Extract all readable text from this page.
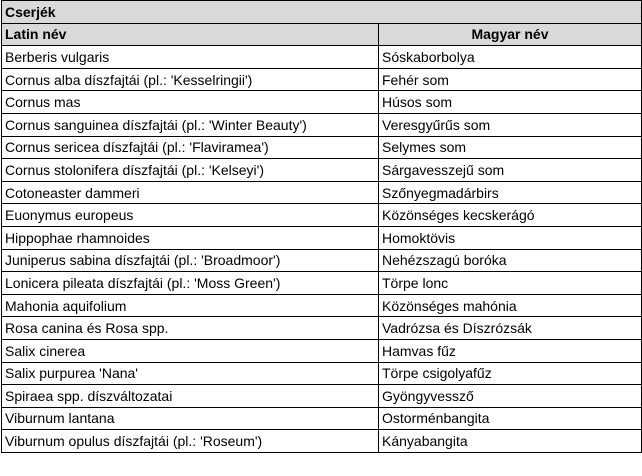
Cserjék	
Latin név	Magyar név
Berberis vulgaris	Sóskaborbolya
Cornus alba díszfajtái (pl.: 'Kesselringii')	Fehér som
Cornus mas	Húsos som
Cornus sanguinea díszfajtái (pl.: 'Winter Beauty')	Veresgyűrűs som
Cornus sericea díszfajtái (pl.: 'Flaviramea')	Selymes som
Cornus stolonifera díszfajtái (pl.: 'Kelseyi')	Sárgavesszejű som
Cotoneaster dammeri	Szőnyegmadárbirs
Euonymus europeus	Közönséges kecskerágó
Hippophae rhamnoides	Homoktövis
Juniperus sabina díszfajtái (pl.: 'Broadmoor')	Nehézszagú boróka
Lonicera pileata díszfajtái (pl.: 'Moss Green')	Törpe lonc
Mahonia aquifolium	Közönséges mahónia
Rosa canina és Rosa spp.	Vadrózsa és Díszrózsák
Salix cinerea	Hamvas fűz
Salix purpurea 'Nana'	Törpe csigolyafűz
Spiraea spp. díszváltozatai	Gyöngyvessző
Viburnum lantana	Ostorménbangita
Viburnum opulus díszfajtái (pl.: 'Roseum')	Kányabangita
